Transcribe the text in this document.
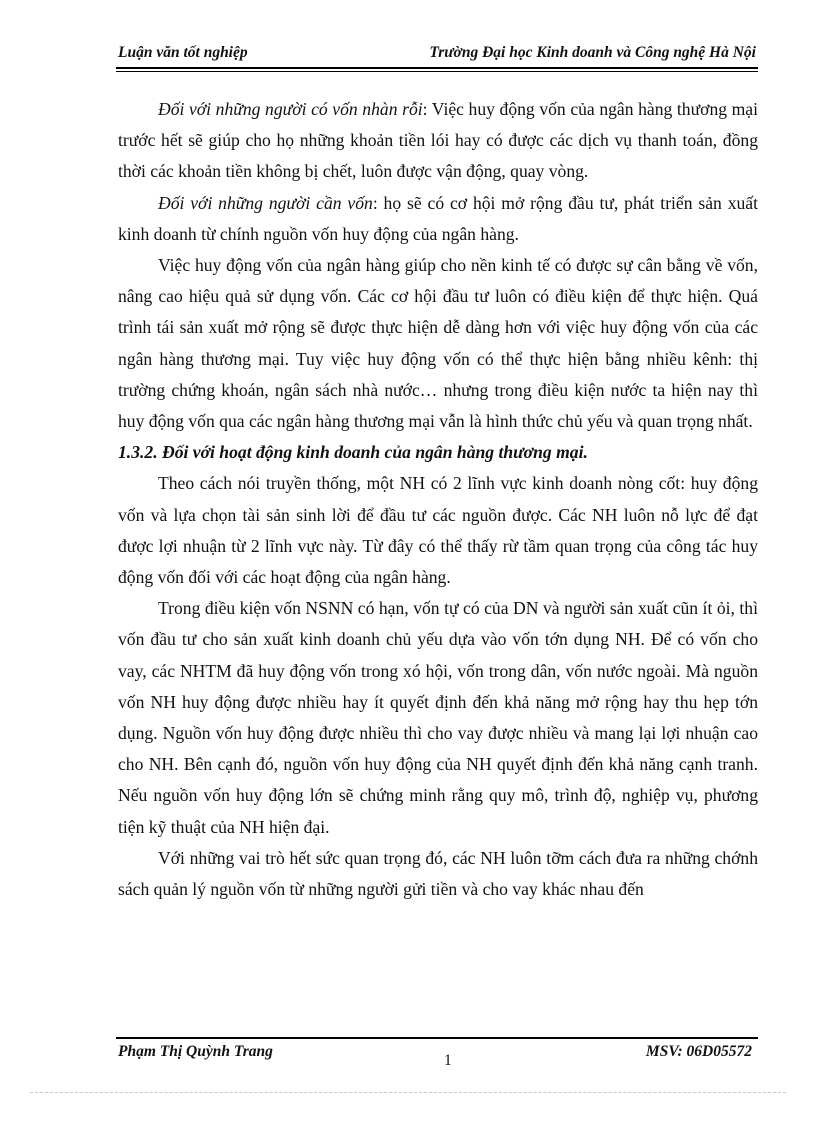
Luận văn tốt nghiệp	Trường Đại học Kinh doanh và Công nghệ Hà Nội

Đối với những người có vốn nhàn rỗi: Việc huy động vốn của ngân hàng thương mại trước hết sẽ giúp cho họ những khoản tiền lói hay có được các dịch vụ thanh toán, đồng thời các khoản tiền không bị chết, luôn được vận động, quay vòng.

Đối với những người cần vốn: họ sẽ có cơ hội mở rộng đầu tư, phát triển sản xuất kinh doanh từ chính nguồn vốn huy động của ngân hàng.

Việc huy động vốn của ngân hàng giúp cho nền kinh tế có được sự cân bằng về vốn, nâng cao hiệu quả sử dụng vốn. Các cơ hội đầu tư luôn có điều kiện để thực hiện. Quá trình tái sản xuất mở rộng sẽ được thực hiện dễ dàng hơn với việc huy động vốn của các ngân hàng thương mại. Tuy việc huy động vốn có thể thực hiện bằng nhiều kênh: thị trường chứng khoán, ngân sách nhà nước… nhưng trong điều kiện nước ta hiện nay thì huy động vốn qua các ngân hàng thương mại vẫn là hình thức chủ yếu và quan trọng nhất.

1.3.2. Đối với hoạt động kinh doanh của ngân hàng thương mại.

Theo cách nói truyền thống, một NH có 2 lĩnh vực kinh doanh nòng cốt: huy động vốn và lựa chọn tài sản sinh lời để đầu tư các nguồn được. Các NH luôn nỗ lực để đạt được lợi nhuận từ 2 lĩnh vực này. Từ đây có thể thấy rừ tầm quan trọng của công tác huy động vốn đối với các hoạt động của ngân hàng.

Trong điều kiện vốn NSNN có hạn, vốn tự có của DN và người sản xuất cũn ít ỏi, thì vốn đầu tư cho sản xuất kinh doanh chủ yếu dựa vào vốn tớn dụng NH. Để có vốn cho vay, các NHTM đã huy động vốn trong xó hội, vốn trong dân, vốn nước ngoài. Mà nguồn vốn NH huy động được nhiều hay ít quyết định đến khả năng mở rộng hay thu hẹp tớn dụng. Nguồn vốn huy động được nhiều thì cho vay được nhiều và mang lại lợi nhuận cao cho NH. Bên cạnh đó, nguồn vốn huy động của NH quyết định đến khả năng cạnh tranh. Nếu nguồn vốn huy động lớn sẽ chứng minh rằng quy mô, trình độ, nghiệp vụ, phương tiện kỹ thuật của NH hiện đại.

Với những vai trò hết sức quan trọng đó, các NH luôn tỡm cách đưa ra những chớnh sách quản lý nguồn vốn từ những người gửi tiền và cho vay khác nhau đến

Phạm Thị Quỳnh Trang	MSV: 06D05572
1
